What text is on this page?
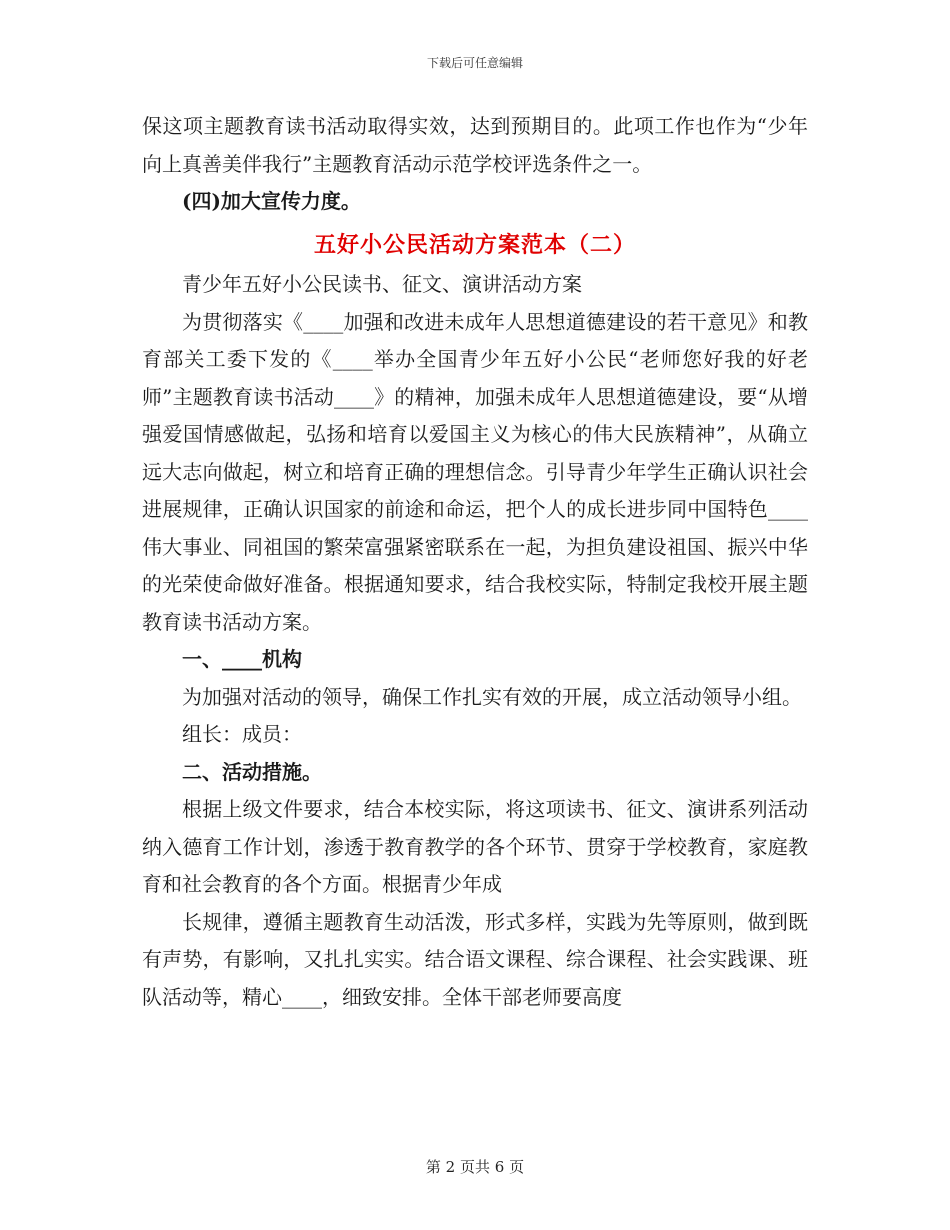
下载后可任意编辑

保这项主题教育读书活动取得实效，达到预期目的。此项工作也作为“少年向上真善美伴我行”主题教育活动示范学校评选条件之一。

(四)加大宣传力度。

五好小公民活动方案范本（二）

青少年五好小公民读书、征文、演讲活动方案

为贯彻落实《____加强和改进未成年人思想道德建设的若干意见》和教育部关工委下发的《____举办全国青少年五好小公民“老师您好我的好老师”主题教育读书活动____》的精神，加强未成年人思想道德建设，要“从增强爱国情感做起，弘扬和培育以爱国主义为核心的伟大民族精神”，从确立远大志向做起，树立和培育正确的理想信念。引导青少年学生正确认识社会进展规律，正确认识国家的前途和命运，把个人的成长进步同中国特色____伟大事业、同祖国的繁荣富强紧密联系在一起，为担负建设祖国、振兴中华的光荣使命做好准备。根据通知要求，结合我校实际，特制定我校开展主题教育读书活动方案。

一、____机构

为加强对活动的领导，确保工作扎实有效的开展，成立活动领导小组。

组长：成员：

二、活动措施。

根据上级文件要求，结合本校实际，将这项读书、征文、演讲系列活动纳入德育工作计划，渗透于教育教学的各个环节、贯穿于学校教育，家庭教育和社会教育的各个方面。根据青少年成

长规律，遵循主题教育生动活泼，形式多样，实践为先等原则，做到既有声势，有影响，又扎扎实实。结合语文课程、综合课程、社会实践课、班队活动等，精心____，细致安排。全体干部老师要高度

第 2 页共 6 页
